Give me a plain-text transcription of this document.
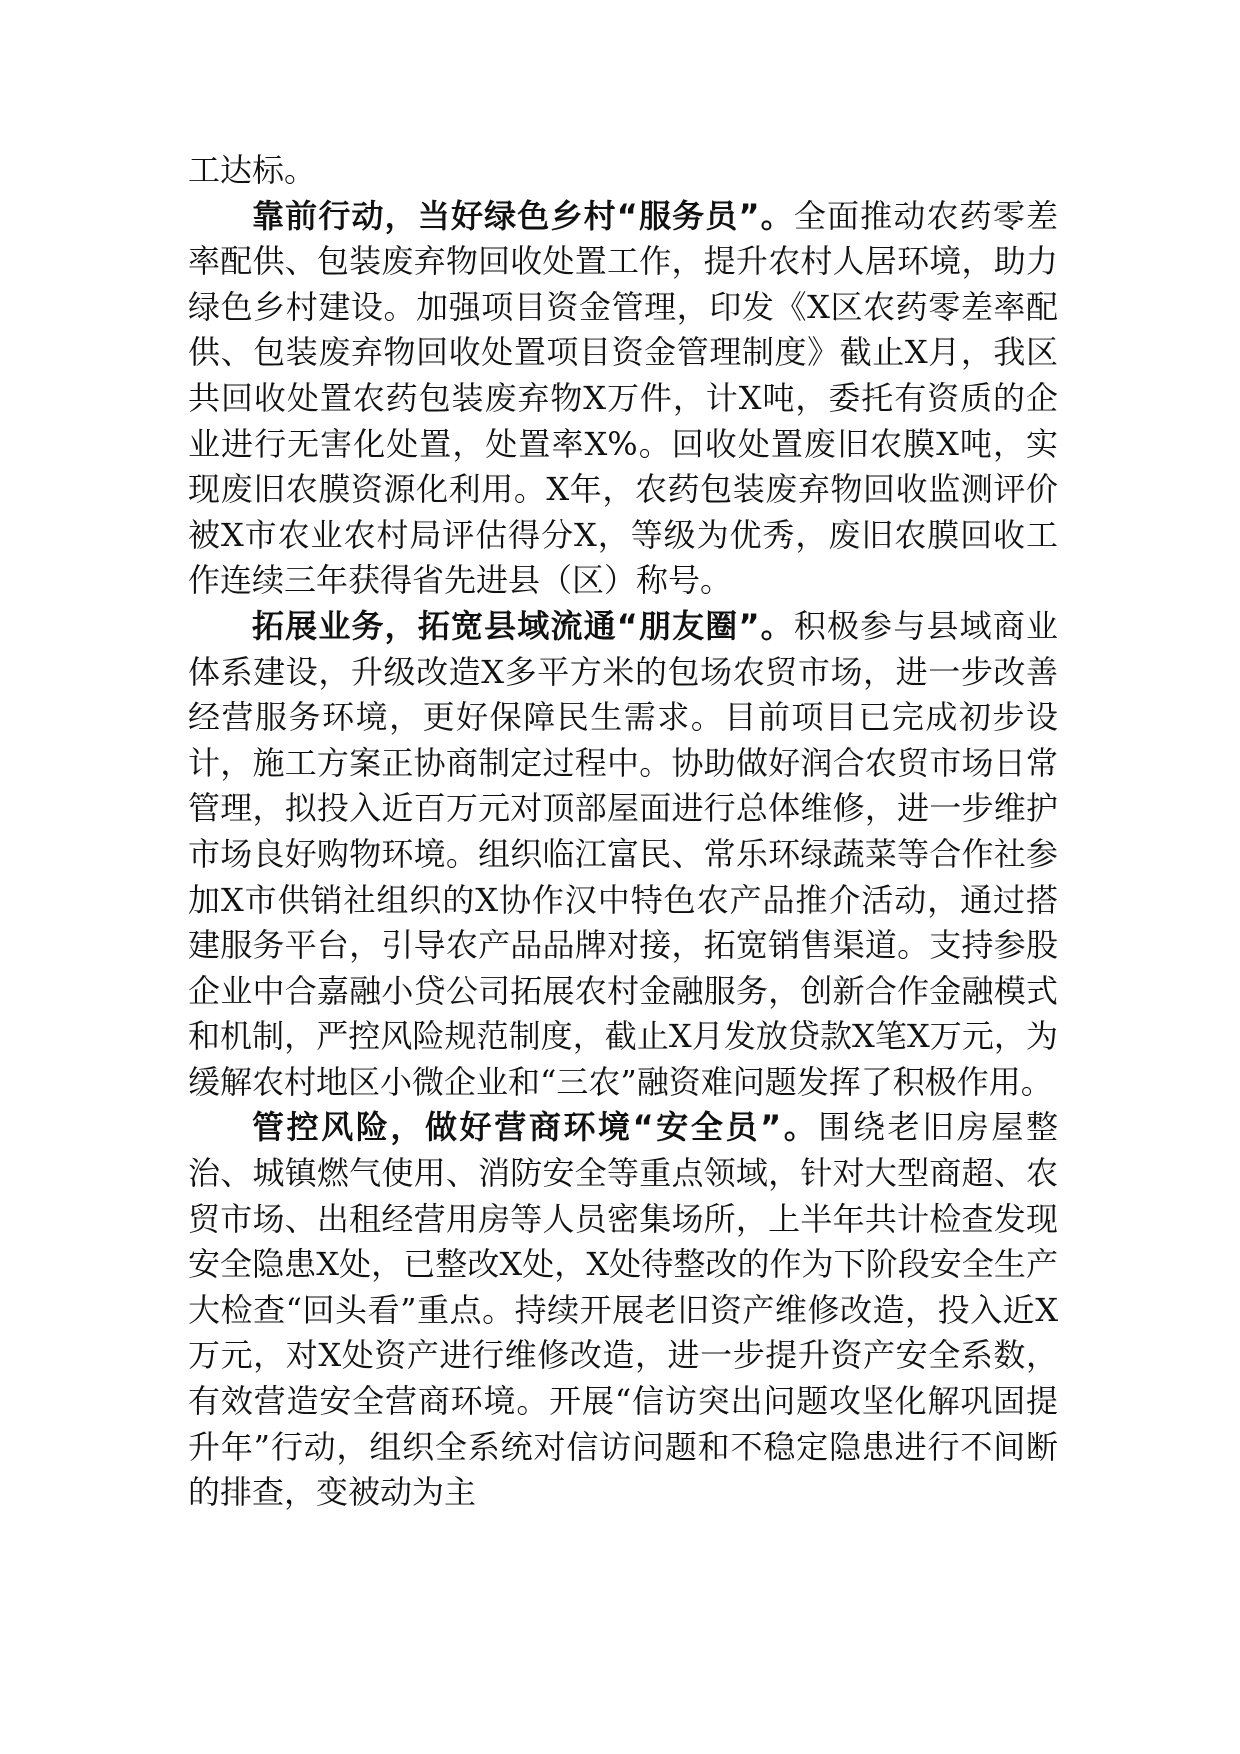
工达标。

靠前行动，当好绿色乡村“服务员”。全面推动农药零差率配供、包装废弃物回收处置工作，提升农村人居环境，助力绿色乡村建设。加强项目资金管理，印发《X区农药零差率配供、包装废弃物回收处置项目资金管理制度》截止X月，我区共回收处置农药包装废弃物X万件，计X吨，委托有资质的企业进行无害化处置，处置率X%。回收处置废旧农膜X吨，实现废旧农膜资源化利用。X年，农药包装废弃物回收监测评价被X市农业农村局评估得分X，等级为优秀，废旧农膜回收工作连续三年获得省先进县（区）称号。

拓展业务，拓宽县域流通“朋友圈”。积极参与县域商业体系建设，升级改造X多平方米的包场农贸市场，进一步改善经营服务环境，更好保障民生需求。目前项目已完成初步设计，施工方案正协商制定过程中。协助做好润合农贸市场日常管理，拟投入近百万元对顶部屋面进行总体维修，进一步维护市场良好购物环境。组织临江富民、常乐环绿蔬菜等合作社参加X市供销社组织的X协作汉中特色农产品推介活动，通过搭建服务平台，引导农产品品牌对接，拓宽销售渠道。支持参股企业中合嘉融小贷公司拓展农村金融服务，创新合作金融模式和机制，严控风险规范制度，截止X月发放贷款X笔X万元，为缓解农村地区小微企业和“三农”融资难问题发挥了积极作用。

管控风险，做好营商环境“安全员”。围绕老旧房屋整治、城镇燃气使用、消防安全等重点领域，针对大型商超、农贸市场、出租经营用房等人员密集场所，上半年共计检查发现安全隐患X处，已整改X处，X处待整改的作为下阶段安全生产大检查“回头看”重点。持续开展老旧资产维修改造，投入近X万元，对X处资产进行维修改造，进一步提升资产安全系数，有效营造安全营商环境。开展“信访突出问题攻坚化解巩固提升年”行动，组织全系统对信访问题和不稳定隐患进行不间断的排查，变被动为主
